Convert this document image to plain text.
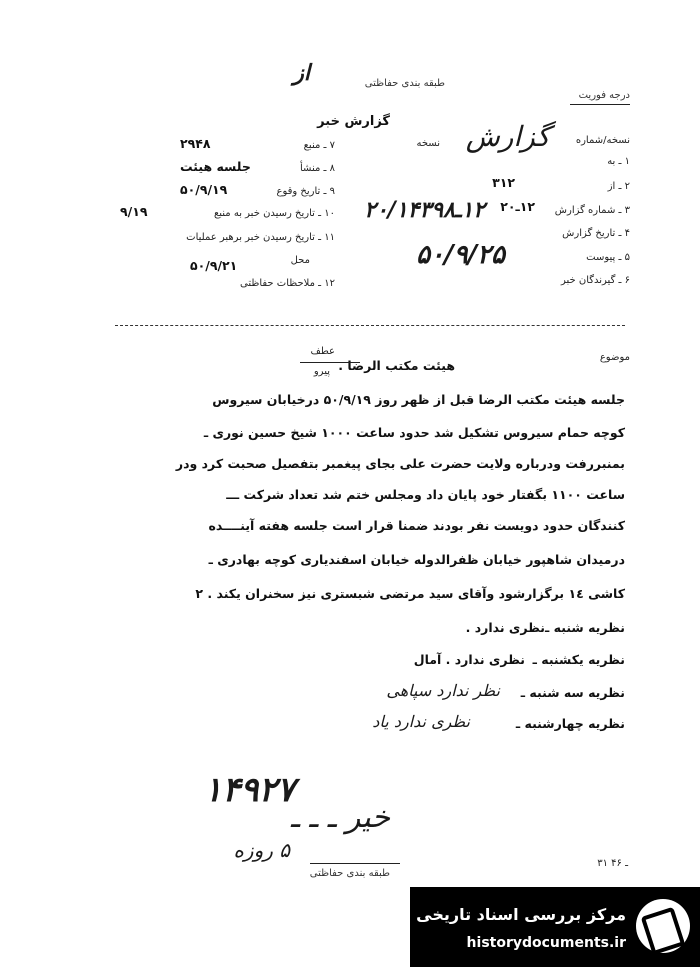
طبقه بندی حفاظتی
از
درجه فوریت
گزارش خبر
نسخه/شماره
نسخه گزارش
۱ ـ به
۲ ـ از
۳۱۲
۳ ـ شماره گزارش
۱۲ـ۲۰
۴ ـ تاریخ گزارش
۱۲ـ۲۰/۱۴۳۹۸
۵ ـ پیوست
۵۰/۹/۲۵
۶ ـ گیرندگان خبر
۷ ـ منبع
۲۹۴۸
۸ ـ منشأ
جلسه هیئت
۹ ـ تاریخ وقوع
۵۰/۹/۱۹
۱۰ ـ تاریخ رسیدن خبر به منبع
۹/۱۹
۱۱ ـ تاریخ رسیدن خبر برهبر عملیات
محل
۵۰/۹/۲۱
۱۲ ـ ملاحظات حفاظتی
موضوع
هیئت مکتب الرضا .
عطف
پیرو
جلسه هیئت مکتب الرضا قبل از ظهر روز ۵۰/۹/۱۹ درخیابان سیروس
کوچه حمام سیروس تشکیل شد حدود ساعت ۱۰۰۰ شیخ حسین نوری ـ
بمنبررفت ودرباره ولایت حضرت علی بجای پیغمبر بتفصیل صحبت کرد ودر
ساعت ۱۱۰۰ بگفتار خود پایان داد ومجلس ختم شد تعداد شرکت ـــ
کنندگان حدود دویست نفر بودند ضمنا قرار است جلسه هفته آینــــده
درمیدان شاهپور خیابان ظفرالدوله خیابان اسفندیاری کوچه بهادری ـ
کاشی ۱٤ برگزارشود وآقای سید مرتضی شبستری نیز سخنران یکند . ۲
نظریه شنبه ـ
نظری ندارد .
نظریه یکشنبه ـ
نظری ندارد . آمال
نظریه سه شنبه ـ
نظر ندارد سپاهی
نظریه چهارشنبه ـ
نظری ندارد یاد
۱۴۹۲۷
خیر ـ ـ ـ
۵ روزه
۳۱ ـ ۴۶
طبقه بندی حفاظتی
مرکز بررسی اسناد تاریخی
historydocuments.ir
